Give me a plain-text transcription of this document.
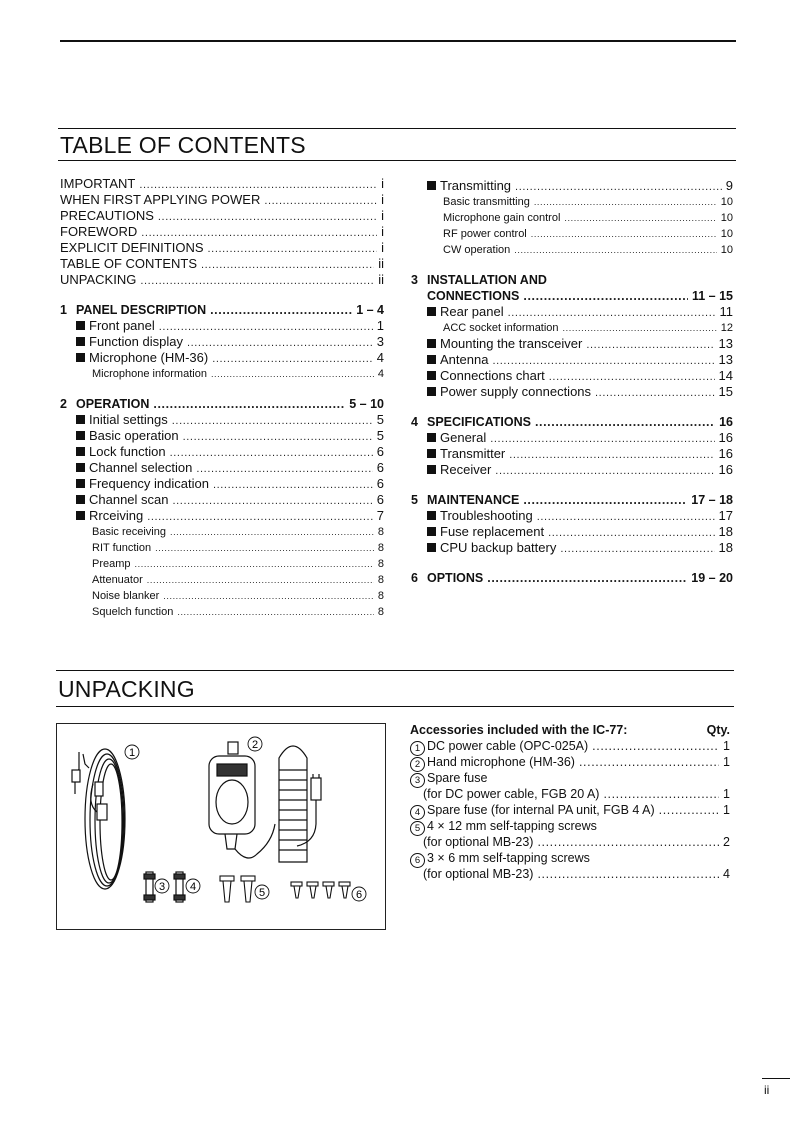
TABLE OF CONTENTS
IMPORTANT .....	i
WHEN FIRST APPLYING POWER .....	i
PRECAUTIONS .....	i
FOREWORD .....	i
EXPLICIT DEFINITIONS .....	i
TABLE OF CONTENTS .....	ii
UNPACKING .....	ii
1 PANEL DESCRIPTION .....	1 – 4
Front panel .....	1
Function display .....	3
Microphone (HM-36) .....	4
Microphone information .....	4
2 OPERATION .....	5 – 10
Initial settings .....	5
Basic operation .....	5
Lock function .....	6
Channel selection .....	6
Frequency indication .....	6
Channel scan .....	6
Rrceiving .....	7
Basic receiving .....	8
RIT function .....	8
Preamp .....	8
Attenuator .....	8
Noise blanker .....	8
Squelch function .....	8
Transmitting .....	9
Basic transmitting .....	10
Microphone gain control .....	10
RF power control .....	10
CW operation .....	10
3 INSTALLATION AND
CONNECTIONS .....	11 – 15
Rear panel .....	11
ACC socket information .....	12
Mounting the transceiver .....	13
Antenna .....	13
Connections chart .....	14
Power supply connections .....	15
4 SPECIFICATIONS .....	16
General .....	16
Transmitter .....	16
Receiver .....	16
5 MAINTENANCE .....	17 – 18
Troubleshooting .....	17
Fuse replacement .....	18
CPU backup battery .....	18
6 OPTIONS .....	19 – 20
UNPACKING
1
2
3 4	5	6
Accessories included with the IC-77:	Qty.
1 DC power cable (OPC-025A) .....	1
2 Hand microphone (HM-36) .....	1
3 Spare fuse
(for DC power cable, FGB 20 A) .....	1
4 Spare fuse (for internal PA unit, FGB 4 A) .....	1
5 4 × 12 mm self-tapping screws
(for optional MB-23) .....	2
6 3 × 6 mm self-tapping screws
(for optional MB-23) .....	4
ii
